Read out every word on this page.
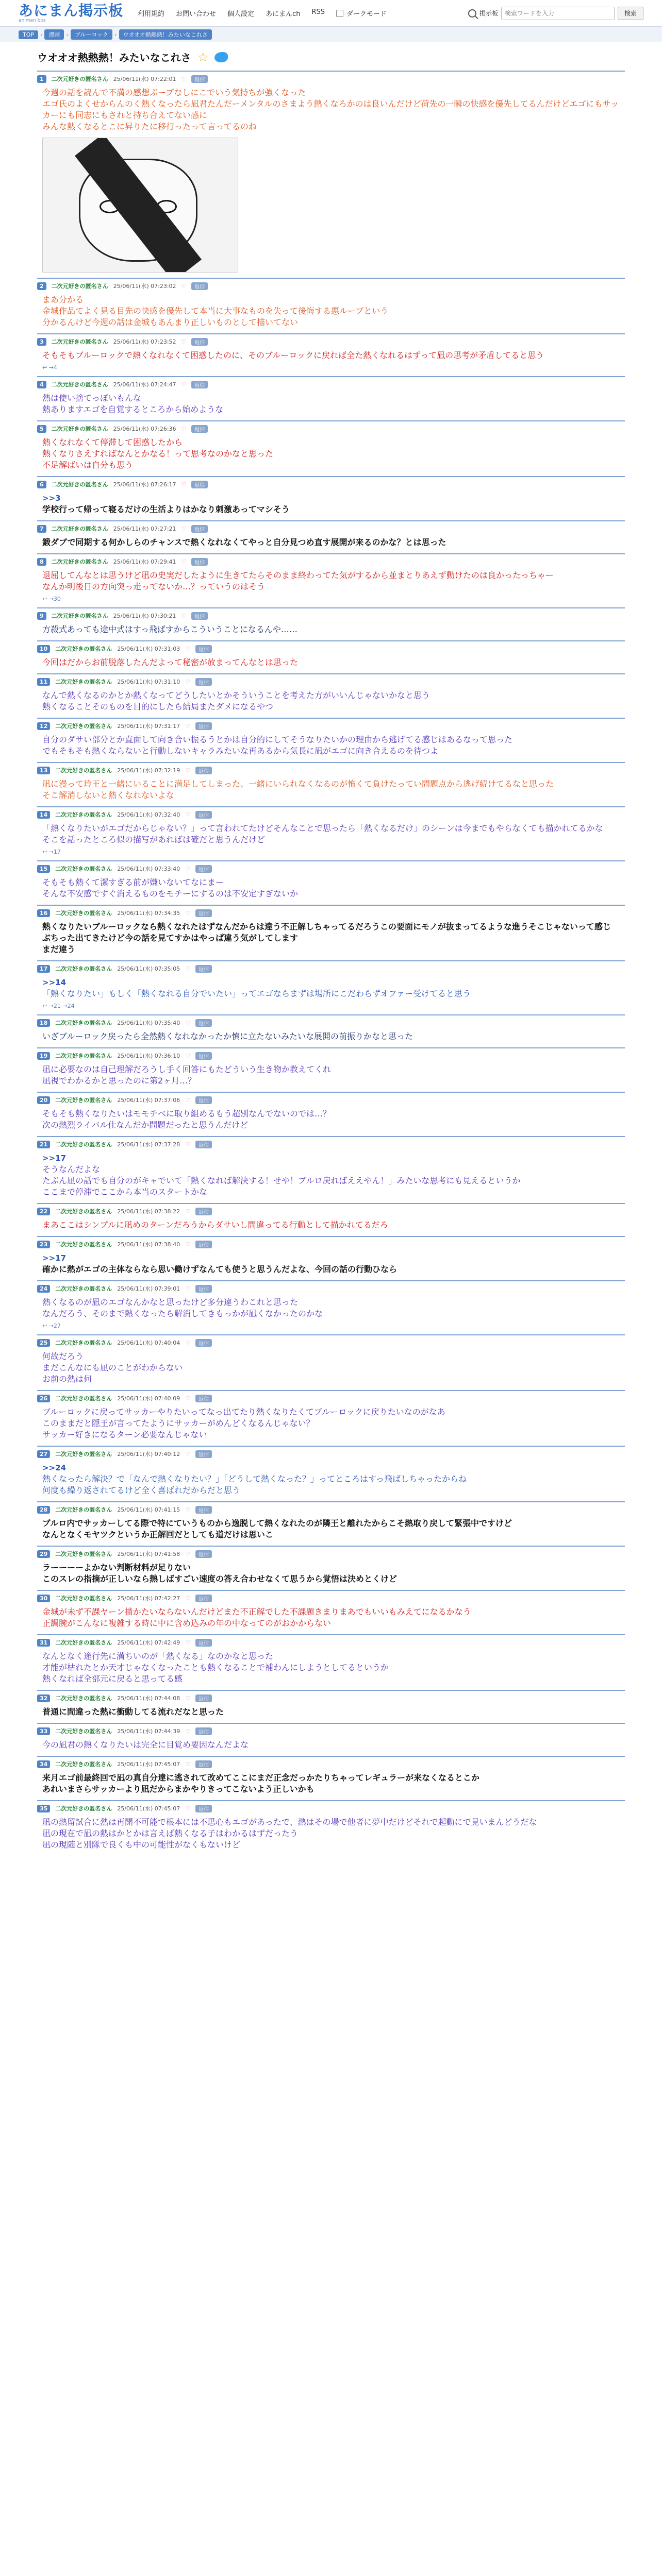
あにまん掲示板
animan bbs
利用規約 お問い合わせ 個人設定 あにまんch RSS	ダークモード	掲示板
検索ワードを入力	検索
TOP	›	漫画	›	ブルーロック	›	ウオオオ熱熱熱！みたいなこれさ
ウオオオ熱熱熱！みたいなこれさ ☆
1	二次元好きの匿名さん 25/06/11(水) 07:22:01 ♡	返信
今週の話を読んで不満の感想ぶーブなしにこでいう気持ちが強くなった
エゴ氏のよくせからんのく熱くなったら凪君たんだーメンタルのさまよう熱くなろかのは良いんだけど荷先の一瞬の快感を優先してるんだけどエゴにもサッカーにも同志にもされと持ち合えてない感に
みんな熱くなるとこに昇りたに移行ったって言ってるのね
2	二次元好きの匿名さん 25/06/11(水) 07:23:02 ♡	返信
まあ分かる
金城作品てよく見る目先の快感を優先して本当に大事なものを失って後悔する悪ルーブという
分かるんけど今週の話は金城もあんまり正しいものとして描いてない
3	二次元好きの匿名さん 25/06/11(水) 07:23:52 ♡	返信
そもそもブルーロックで熱くなれなくて困惑したのに、そのブルーロックに戻れば全た熱くなれるはずって凪の思考が矛盾してると思う
↩ →4
4	二次元好きの匿名さん 25/06/11(水) 07:24:47 ♡	返信
熱は使い捨てっぽいもんな
熱ありますエゴを自覚するところから始めような
5	二次元好きの匿名さん 25/06/11(水) 07:26:36 ♡	返信
熱くなれなくて停滞して困惑したから
熱くなりさえすればなんとかなる！って思考なのかなと思った
不足解ばいは自分も思う
6	二次元好きの匿名さん 25/06/11(水) 07:26:17 ♡	返信
>>3
学校行って帰って寝るだけの生活よりはかなり刺激あってマシそう
7	二次元好きの匿名さん 25/06/11(水) 07:27:21 ♡	返信
鍛ダブで同期する何かしらのチャンスで熱くなれなくてやっと自分見つめ直す展開が来るのかな？とは思った
8	二次元好きの匿名さん 25/06/11(水) 07:29:41 ♡	返信
退屈してんなとは思うけど凪の史実だしたように生きてたらそのまま終わってた気がするから並まとりあえず動けたのは良かったっちゃー
なんか明後日の方向突っ走ってないか…？っていうのはそう
↩ →30
9	二次元好きの匿名さん 25/06/11(水) 07:30:21 ♡	返信
方殺式あっても途中式はすっ飛ばすからこういうことになるんや……
10	二次元好きの匿名さん 25/06/11(水) 07:31:03 ♡	返信
今回はだからお前脱落したんだよって秘密が放まってんなとは思った
11	二次元好きの匿名さん 25/06/11(水) 07:31:10 ♡	返信
なんで熱くなるのかとか熱くなってどうしたいとかそういうことを考えた方がいいんじゃないかなと思う
熱くなることそのものを目的にしたら結局またダメになるやつ
12	二次元好きの匿名さん 25/06/11(水) 07:31:17 ♡	返信
自分のダサい部分とか直面して向き合い振るうとかは自分的にしてそうなりたいかの理由から逃げてる感じはあるなって思った
でもそもそも熱くならないと行動しないキャラみたいな再あるから気長に凪がエゴに向き合えるのを待つよ
13	二次元好きの匿名さん 25/06/11(水) 07:32:19 ♡	返信
凪に漫って玲王と一緒にいることに満足してしまった、一緒にいられなくなるのが怖くて負けたってい問題点から逃げ続けてるなと思った
そこ解消しないと熱くなれないよな
14	二次元好きの匿名さん 25/06/11(水) 07:32:40 ♡	返信
「熱くなりたいがエゴだからじゃない？」って言われてたけどそんなことで思ったら「熱くなるだけ」のシーンは今までもやらなくても描かれてるかな
そこを話ったところ似の描写があればは確だと思うんだけど
↩ →17
15	二次元好きの匿名さん 25/06/11(水) 07:33:40 ♡	返信
そもそも熱くて潔すぎる前が嫌いないてなにまー
そんな不安感ですぐ消えるものをモチーにするのは不安定すぎないか
16	二次元好きの匿名さん 25/06/11(水) 07:34:35 ♡	返信
熱くなりたいブルーロックなら熱くなれたはずなんだからは違う不正解しちゃってるだろうこの要面にモノが抜まってるような進うそこじゃないって感じ
ぶちった出てきたけど今の話を見てすかはやっぱ違う気がしてします
まだ違う
17	二次元好きの匿名さん 25/06/11(水) 07:35:05 ♡	返信
>>14
「熱くなりたい」もしく「熱くなれる自分でいたい」ってエゴならまずは場所にこだわらずオファー受けてると思う
↩ →21 →24
18	二次元好きの匿名さん 25/06/11(水) 07:35:40 ♡	返信
いざブルーロック戻ったら全然熱くなれなかったか慎に立たないみたいな展開の前振りかなと思った
19	二次元好きの匿名さん 25/06/11(水) 07:36:10 ♡	返信
凪に必要なのは自己理解だろうし手く回答にもたどういう生き物か教えてくれ
凪視でわかるかと思ったのに第2ヶ月…？
20	二次元好きの匿名さん 25/06/11(水) 07:37:06 ♡	返信
そもそも熱くなりたいはモモチベに取り組めるもう超別なんでないのでは…？
次の熱烈ライバル仕なんだか問題だったと思うんだけど
21	二次元好きの匿名さん 25/06/11(水) 07:37:28 ♡	返信
>>17
そうなんだよな
たぶん凪の話でも自分のがキャでいて「熱くなれば解決する！せや！ブルロ戻ればええやん！」みたいな思考にも見えるというか
ここまで停滞でここから本当のスタートかな
22	二次元好きの匿名さん 25/06/11(水) 07:38:22 ♡	返信
まあここはシンプルに凪めのターンだろうからダサいし間違ってる行動として描かれてるだろ
23	二次元好きの匿名さん 25/06/11(水) 07:38:40 ♡	返信
>>17
確かに熱がエゴの主体ならなら思い働けずなんても使うと思うんだよな、今回の話の行動ひなら
24	二次元好きの匿名さん 25/06/11(水) 07:39:01 ♡	返信
熱くなるのが凪のエゴなんかなと思ったけど多分違うわこれと思った
なんだろう、そのまで熱くなったら解消してきもっかが凪くなかったのかな
↩ →27
25	二次元好きの匿名さん 25/06/11(水) 07:40:04 ♡	返信
何故だろう
まだこんなにも凪のことがわからない
お前の熱は何
26	二次元好きの匿名さん 25/06/11(水) 07:40:09 ♡	返信
ブルーロックに戻ってサッカーやりたいってなっ出てたり熱くなりたくてブルーロックに戻りたいなのがなあ
このままだと隠王が言ってたようにサッカーがめんどくなるんじゃない？
サッカー好きになるターン必要なんじゃない
27	二次元好きの匿名さん 25/06/11(水) 07:40:12 ♡	返信
>>24
熱くなったら解決？で「なんで熱くなりたい？」「どうして熱くなった？」ってところはすっ飛ばしちゃったからね
何度も繰り返されてるけど全く喜ばれだからだと思う
28	二次元好きの匿名さん 25/06/11(水) 07:41:15 ♡	返信
ブルロ内でサッカーしてる際で特にていうものから逸脱して熱くなれたのが隣王と離れたからこそ熱取り戻して緊張中ですけど
なんとなくモヤツクというか正解回だとしても道だけは思いこ
29	二次元好きの匿名さん 25/06/11(水) 07:41:58 ♡	返信
ラーーーーよかない判断材料が足りない
このスレの指摘が正しいなら熱しばすごい速度の答え合わせなくて思うから覚悟は決めとくけど
30	二次元好きの匿名さん 25/06/11(水) 07:42:27 ♡	返信
金城が未ず不課ヤーン描かたいならないんだけどまた不正解でした不課題きまりまあでもいいもみえてになるかなう
正調腕がこんなに複雑する時に中に含め込みの年の中なってのがおかからない
31	二次元好きの匿名さん 25/06/11(水) 07:42:49 ♡	返信
なんとなく途行先に満ちいのが「熱くなる」なのかなと思った
才能が枯れたとか天才じゃなくなったことも熱くなることで補わんにしようとしてるというか
熱くなれば全部元に戻ると思ってる感
32	二次元好きの匿名さん 25/06/11(水) 07:44:08 ♡	返信
普通に間違った熱に衝動してる流れだなと思った
33	二次元好きの匿名さん 25/06/11(水) 07:44:39 ♡	返信
今の凪君の熱くなりたいは完全に目覚め要因なんだよな
34	二次元好きの匿名さん 25/06/11(水) 07:45:07 ♡	返信
来月エゴ前最終回で凪の真自分達に逃されて改めてここにまだ正念だっかたりちゃってレギュラーが来なくなるとこか
あれいまさらサッカーより凪だからまかやりきってこないよう正しいかも
35	二次元好きの匿名さん 25/06/11(水) 07:45:07 ♡	返信
凪の熱留試合に熱は再開不可能で根本には不思心もエゴがあったで、熱はその場で他者に夢中だけどそれで起動にで見いまんどうだな
凪の現在で凪の熱はかとかは言えば熱くなる子はわかるはずだったう
凪の現随と別隊で良くも中の可能性がなくもないけど
